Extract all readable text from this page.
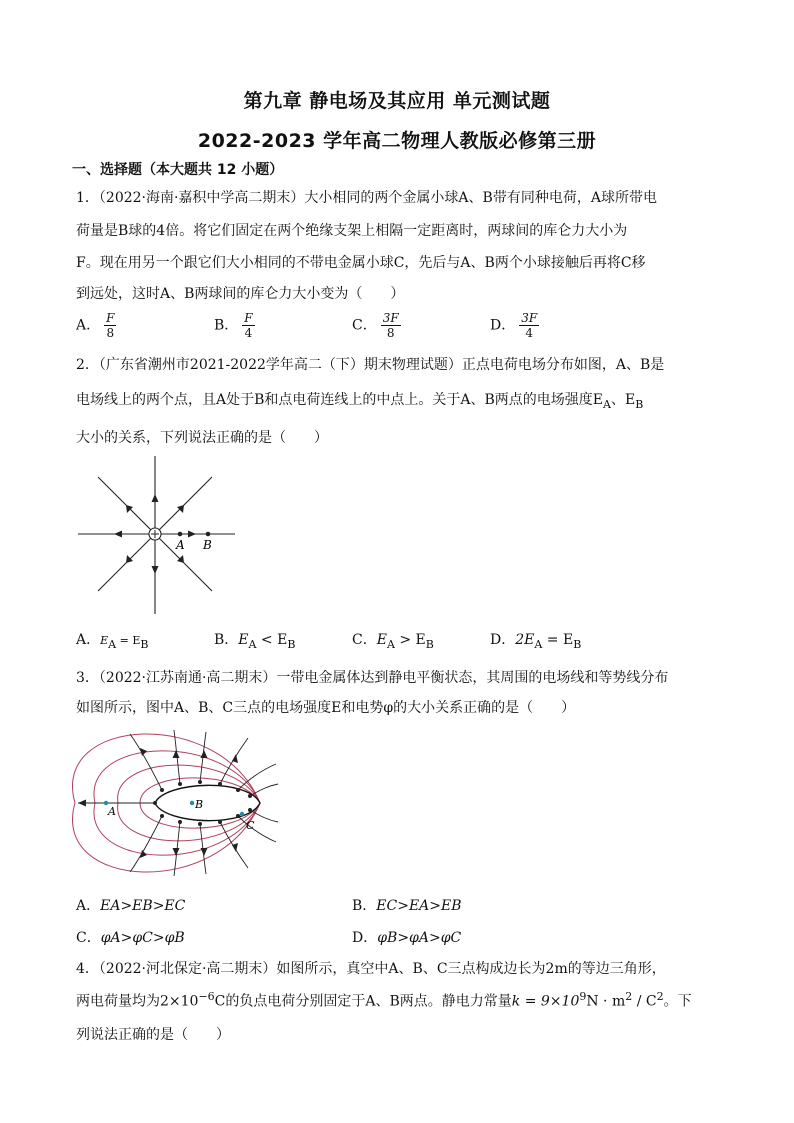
第九章 静电场及其应用 单元测试题
2022-2023 学年高二物理人教版必修第三册
一、选择题（本大题共 12 小题）
1．（2022·海南·嘉积中学高二期末）大小相同的两个金属小球A、B带有同种电荷，A球所带电
荷量是B球的4倍。将它们固定在两个绝缘支架上相隔一定距离时，两球间的库仑力大小为
F。现在用另一个跟它们大小相同的不带电金属小球C，先后与A、B两个小球接触后再将C移
到远处，这时A、B两球间的库仑力大小变为（　　）
A． $\frac{F}{8}$	B． $\frac{F}{4}$	C． $\frac{3F}{8}$	D． $\frac{3F}{4}$
2．（广东省潮州市2021-2022学年高二（下）期末物理试题）正点电荷电场分布如图，A、B是
电场线上的两个点，且A处于B和点电荷连线上的中点上。关于A、B两点的电场强度$E_A$、$E_B$
大小的关系，下列说法正确的是（　　）
A B
A．$E_A = E_B$	B．$E_A < E_B$	C．$E_A > E_B$	D．$2E_A = E_B$
3．（2022·江苏南通·高二期末）一带电金属体达到静电平衡状态，其周围的电场线和等势线分布
如图所示，图中A、B、C三点的电场强度E和电势φ的大小关系正确的是（　　）
A
B
C
A．EA>EB>EC	B．EC>EA>EB
C．φA>φC>φB	D．φB>φA>φC
4．（2022·河北保定·高二期末）如图所示，真空中A、B、C三点构成边长为2m的等边三角形，
两电荷量均为$2\times 10^{-6}C$的负点电荷分别固定于A、B两点。静电力常量$k = 9\times 10^9N \cdot m^2 / C^2$。下
列说法正确的是（　　）
